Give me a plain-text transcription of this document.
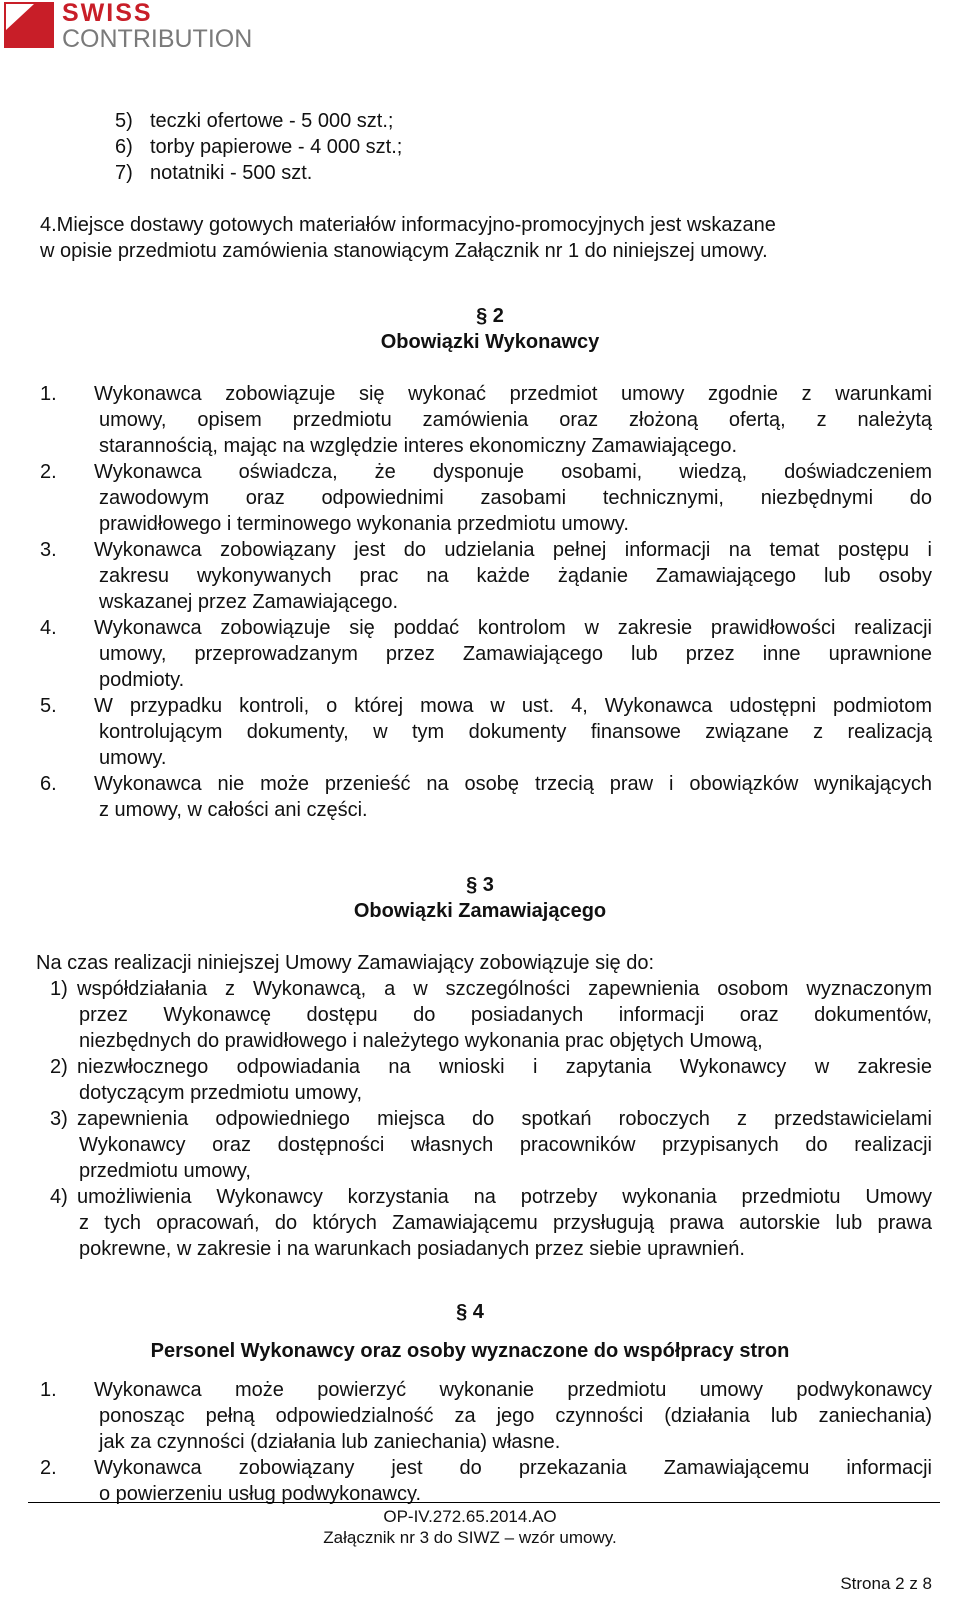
SWISS
CONTRIBUTION
5) teczki ofertowe - 5 000 szt.;
6) torby papierowe - 4 000 szt.;
7) notatniki - 500 szt.
4.Miejsce dostawy gotowych materiałów informacyjno-promocyjnych jest wskazane
w opisie przedmiotu zamówienia stanowiącym Załącznik nr 1 do niniejszej umowy.
§ 2
Obowiązki Wykonawcy
1. Wykonawca zobowiązuje się wykonać przedmiot umowy zgodnie z warunkami
umowy, opisem przedmiotu zamówienia oraz złożoną ofertą, z należytą
starannością, mając na względzie interes ekonomiczny Zamawiającego.
2. Wykonawca oświadcza, że dysponuje osobami, wiedzą, doświadczeniem
zawodowym oraz odpowiednimi zasobami technicznymi, niezbędnymi do
prawidłowego i terminowego wykonania przedmiotu umowy.
3. Wykonawca zobowiązany jest do udzielania pełnej informacji na temat postępu i
zakresu wykonywanych prac na każde żądanie Zamawiającego lub osoby
wskazanej przez Zamawiającego.
4. Wykonawca zobowiązuje się poddać kontrolom w zakresie prawidłowości realizacji
umowy, przeprowadzanym przez Zamawiającego lub przez inne uprawnione
podmioty.
5. W przypadku kontroli, o której mowa w ust. 4, Wykonawca udostępni podmiotom
kontrolującym dokumenty, w tym dokumenty finansowe związane z realizacją
umowy.
6. Wykonawca nie może przenieść na osobę trzecią praw i obowiązków wynikających
z umowy, w całości ani części.
§ 3
Obowiązki Zamawiającego
Na czas realizacji niniejszej Umowy Zamawiający zobowiązuje się do:
1) współdziałania z Wykonawcą, a w szczególności zapewnienia osobom wyznaczonym
przez Wykonawcę dostępu do posiadanych informacji oraz dokumentów,
niezbędnych do prawidłowego i należytego wykonania prac objętych Umową,
2) niezwłocznego odpowiadania na wnioski i zapytania Wykonawcy w zakresie
dotyczącym przedmiotu umowy,
3) zapewnienia odpowiedniego miejsca do spotkań roboczych z przedstawicielami
Wykonawcy oraz dostępności własnych pracowników przypisanych do realizacji
przedmiotu umowy,
4) umożliwienia Wykonawcy korzystania na potrzeby wykonania przedmiotu Umowy
z tych opracowań, do których Zamawiającemu przysługują prawa autorskie lub prawa
pokrewne, w zakresie i na warunkach posiadanych przez siebie uprawnień.
§ 4
Personel Wykonawcy oraz osoby wyznaczone do współpracy stron
1. Wykonawca może powierzyć wykonanie przedmiotu umowy podwykonawcy
ponosząc pełną odpowiedzialność za jego czynności (działania lub zaniechania)
jak za czynności (działania lub zaniechania) własne.
2. Wykonawca zobowiązany jest do przekazania Zamawiającemu informacji
o powierzeniu usług podwykonawcy.
OP-IV.272.65.2014.AO
Załącznik nr 3 do SIWZ – wzór umowy.
Strona 2 z 8
